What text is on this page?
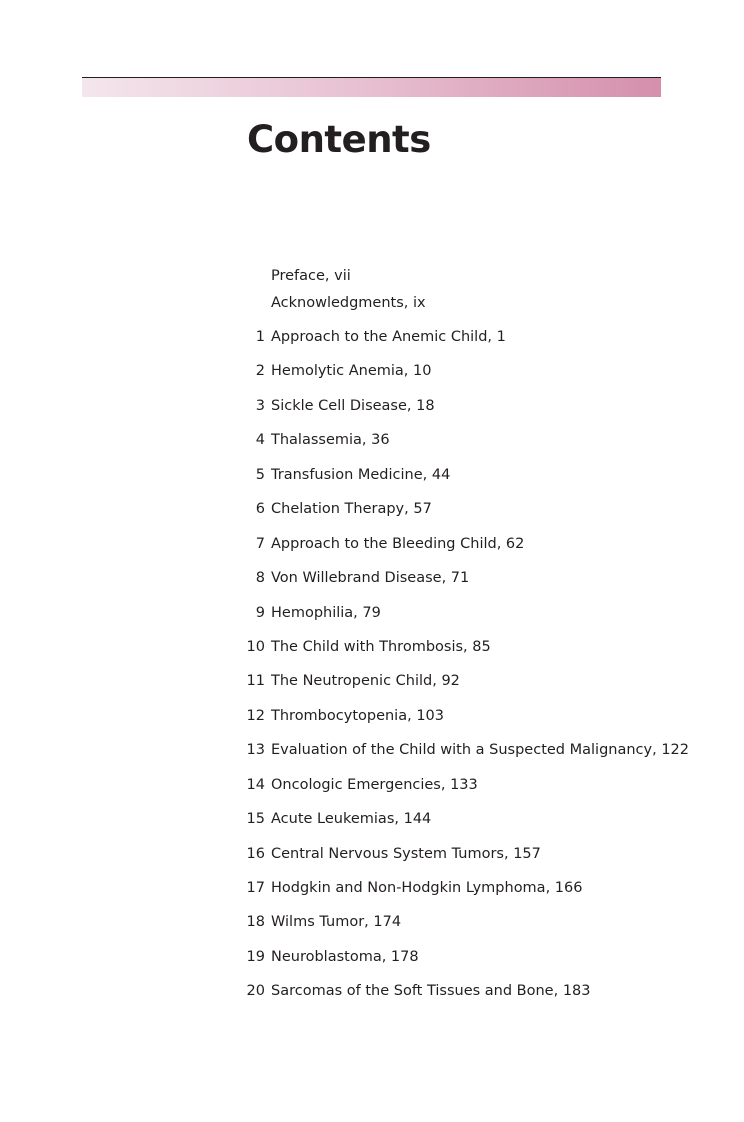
Contents
Preface, vii
Acknowledgments, ix
1 Approach to the Anemic Child, 1
2 Hemolytic Anemia, 10
3 Sickle Cell Disease, 18
4 Thalassemia, 36
5 Transfusion Medicine, 44
6 Chelation Therapy, 57
7 Approach to the Bleeding Child, 62
8 Von Willebrand Disease, 71
9 Hemophilia, 79
10 The Child with Thrombosis, 85
11 The Neutropenic Child, 92
12 Thrombocytopenia, 103
13 Evaluation of the Child with a Suspected Malignancy, 122
14 Oncologic Emergencies, 133
15 Acute Leukemias, 144
16 Central Nervous System Tumors, 157
17 Hodgkin and Non-Hodgkin Lymphoma, 166
18 Wilms Tumor, 174
19 Neuroblastoma, 178
20 Sarcomas of the Soft Tissues and Bone, 183
